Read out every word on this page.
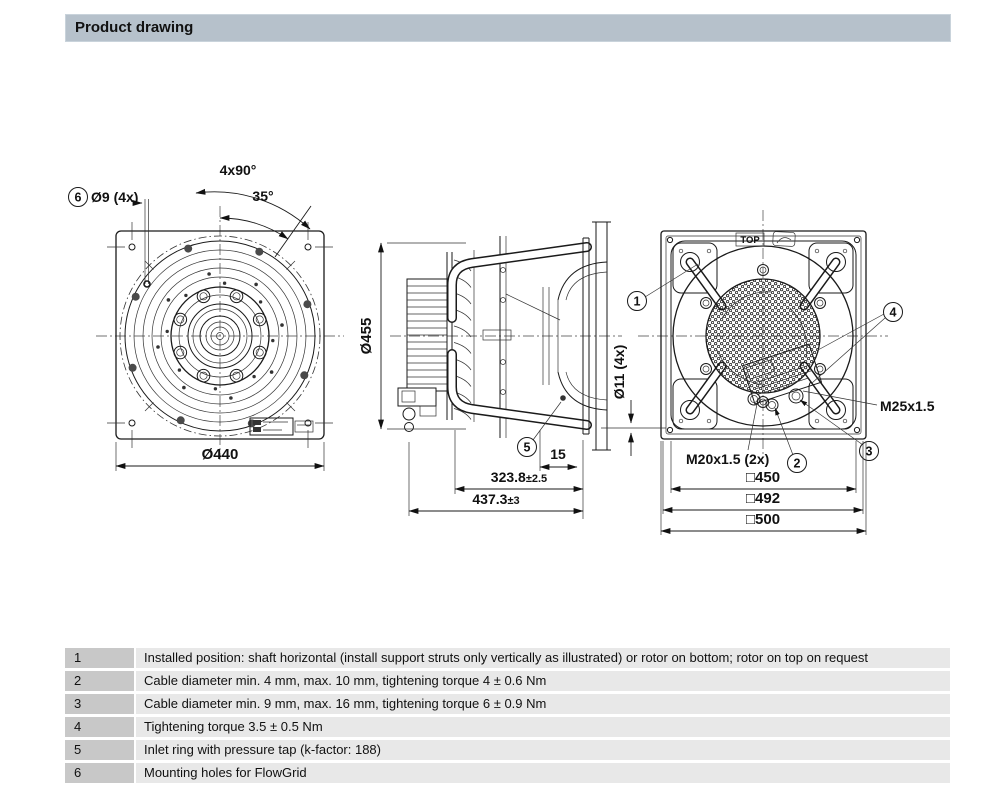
Product drawing
4x90°
35°
6 Ø9 (4x)
Ø440	5
Ø455
15
323.8±2.5
437.3±3
TOP
1
4
2
3
M25x1.5
M20x1.5 (2x)
Ø11 (4x)
□450
□492
□500
1	Installed position: shaft horizontal (install support struts only vertically as illustrated) or rotor on bottom; rotor on top on request
2	Cable diameter min. 4 mm, max. 10 mm, tightening torque 4 ± 0.6 Nm
3	Cable diameter min. 9 mm, max. 16 mm, tightening torque 6 ± 0.9 Nm
4	Tightening torque 3.5 ± 0.5 Nm
5	Inlet ring with pressure tap (k-factor: 188)
6	Mounting holes for FlowGrid
